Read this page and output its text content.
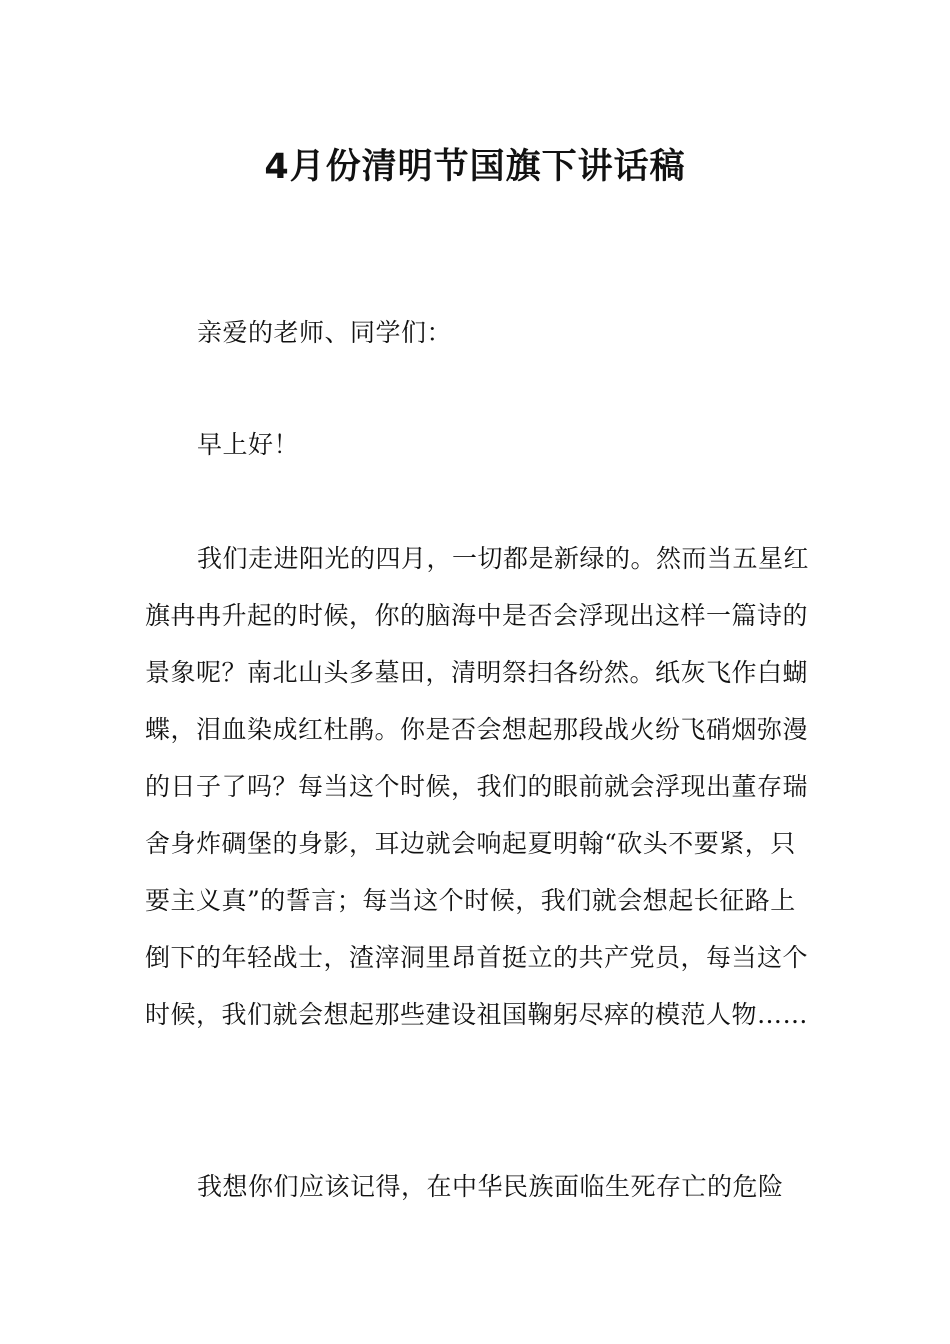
4月份清明节国旗下讲话稿

亲爱的老师、同学们：

早上好！

我们走进阳光的四月，一切都是新绿的。然而当五星红旗冉冉升起的时候，你的脑海中是否会浮现出这样一篇诗的景象呢？南北山头多墓田，清明祭扫各纷然。纸灰飞作白蝴蝶，泪血染成红杜鹃。你是否会想起那段战火纷飞硝烟弥漫的日子了吗？每当这个时候，我们的眼前就会浮现出董存瑞舍身炸碉堡的身影，耳边就会响起夏明翰“砍头不要紧，只要主义真”的誓言；每当这个时候，我们就会想起长征路上倒下的年轻战士，渣滓洞里昂首挺立的共产党员，每当这个时候，我们就会想起那些建设祖国鞠躬尽瘁的模范人物……

我想你们应该记得，在中华民族面临生死存亡的危险
